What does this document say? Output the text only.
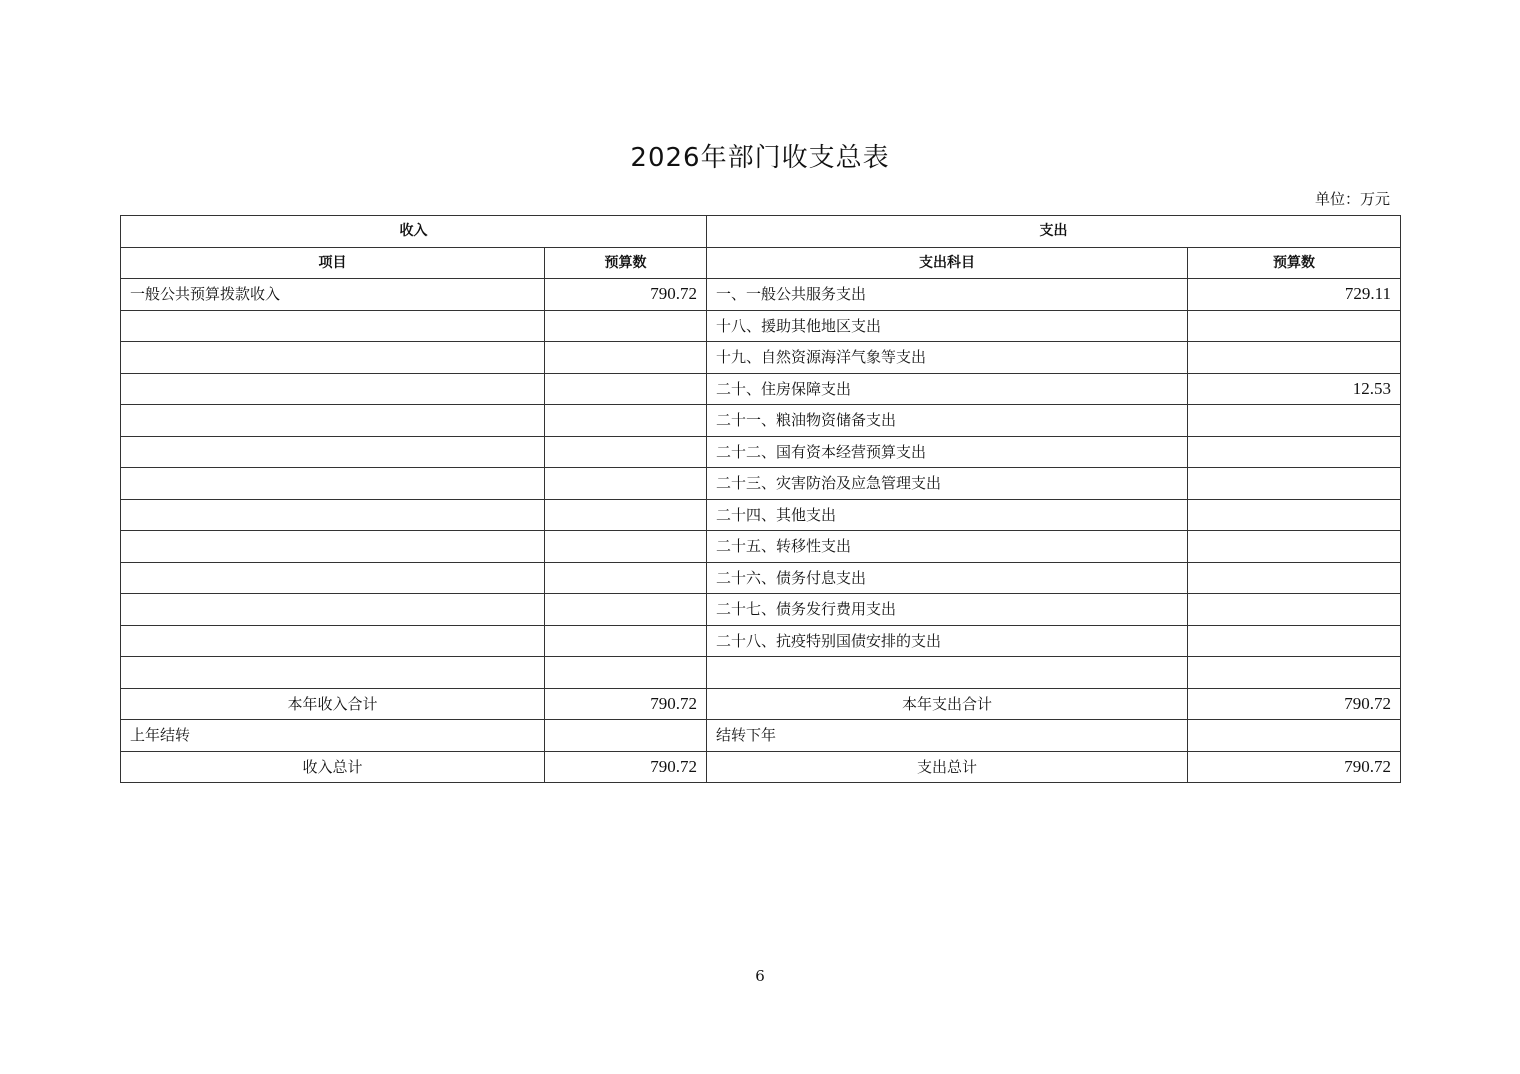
2026年部门收支总表
单位：万元
收入		支出	
项目	预算数	支出科目	预算数
一般公共预算拨款收入	790.72	一、一般公共服务支出	729.11
		十八、援助其他地区支出	
		十九、自然资源海洋气象等支出	
		二十、住房保障支出	12.53
		二十一、粮油物资储备支出	
		二十二、国有资本经营预算支出	
		二十三、灾害防治及应急管理支出	
		二十四、其他支出	
		二十五、转移性支出	
		二十六、债务付息支出	
		二十七、债务发行费用支出	
		二十八、抗疫特别国债安排的支出	

本年收入合计	790.72	本年支出合计	790.72
上年结转		结转下年	
收入总计	790.72	支出总计	790.72
6
